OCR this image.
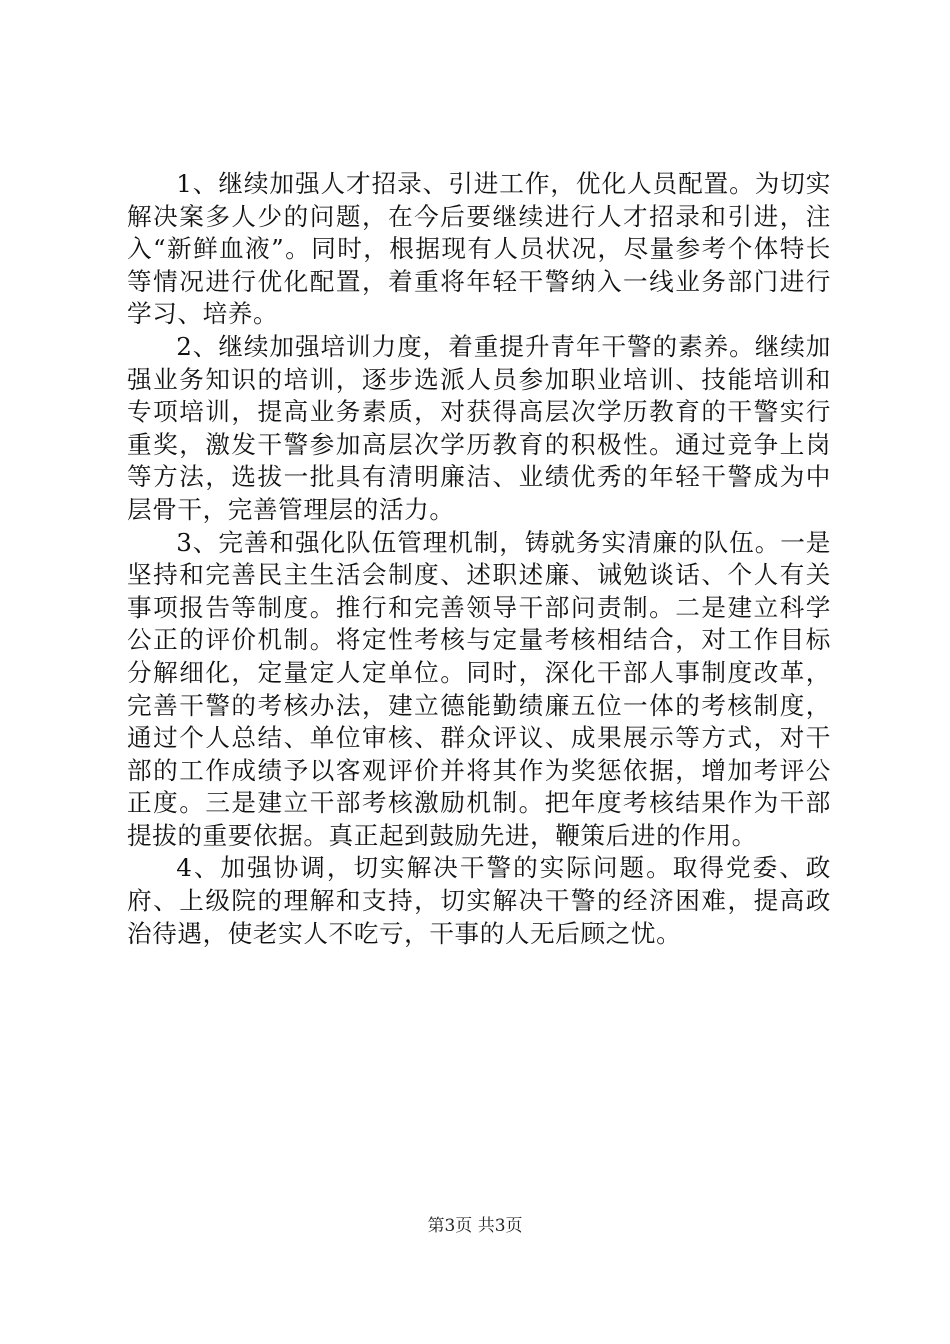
1、继续加强人才招录、引进工作，优化人员配置。为切实解决案多人少的问题，在今后要继续进行人才招录和引进，注入“新鲜血液”。同时，根据现有人员状况，尽量参考个体特长等情况进行优化配置，着重将年轻干警纳入一线业务部门进行学习、培养。

2、继续加强培训力度，着重提升青年干警的素养。继续加强业务知识的培训，逐步选派人员参加职业培训、技能培训和专项培训，提高业务素质，对获得高层次学历教育的干警实行重奖，激发干警参加高层次学历教育的积极性。通过竞争上岗等方法，选拔一批具有清明廉洁、业绩优秀的年轻干警成为中层骨干，完善管理层的活力。

3、完善和强化队伍管理机制，铸就务实清廉的队伍。一是坚持和完善民主生活会制度、述职述廉、诫勉谈话、个人有关事项报告等制度。推行和完善领导干部问责制。二是建立科学公正的评价机制。将定性考核与定量考核相结合，对工作目标分解细化，定量定人定单位。同时，深化干部人事制度改革，完善干警的考核办法，建立德能勤绩廉五位一体的考核制度，通过个人总结、单位审核、群众评议、成果展示等方式，对干部的工作成绩予以客观评价并将其作为奖惩依据，增加考评公正度。三是建立干部考核激励机制。把年度考核结果作为干部提拔的重要依据。真正起到鼓励先进，鞭策后进的作用。

4、加强协调，切实解决干警的实际问题。取得党委、政府、上级院的理解和支持，切实解决干警的经济困难，提高政治待遇，使老实人不吃亏，干事的人无后顾之忧。

第3页 共3页
